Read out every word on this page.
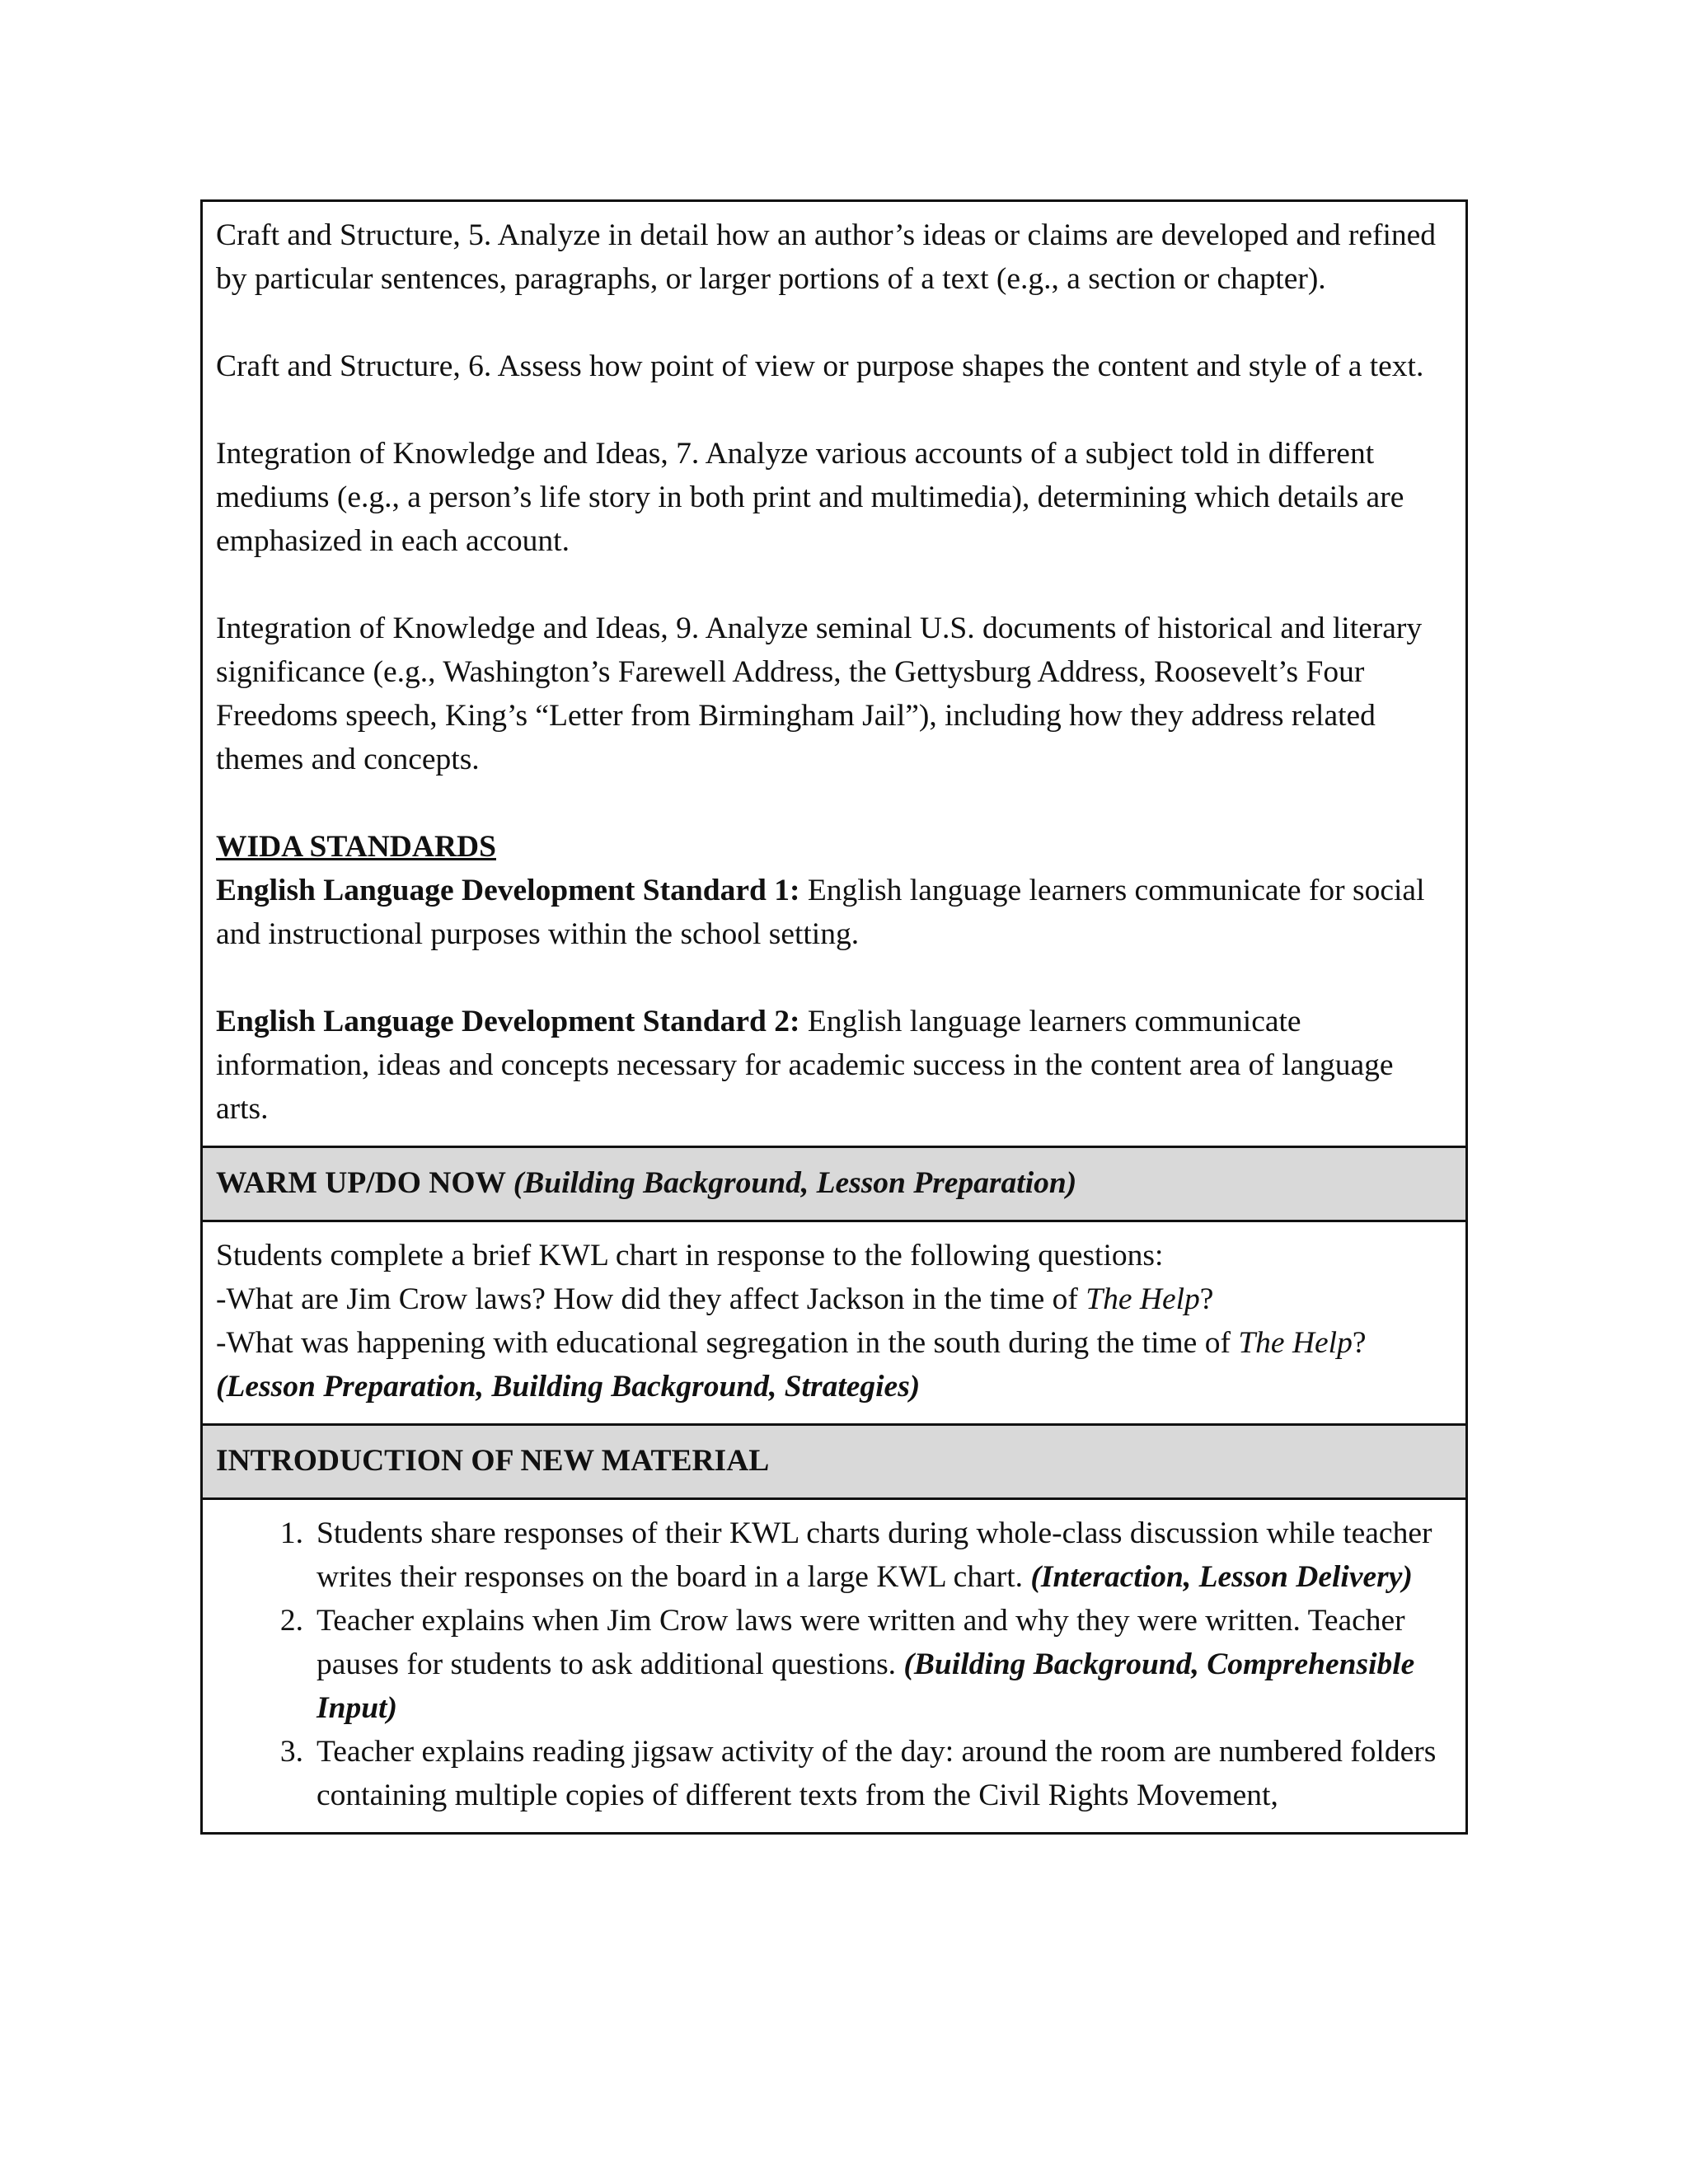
Craft and Structure, 5. Analyze in detail how an author’s ideas or claims are developed and refined by particular sentences, paragraphs, or larger portions of a text (e.g., a section or chapter).

Craft and Structure, 6. Assess how point of view or purpose shapes the content and style of a text.

Integration of Knowledge and Ideas, 7. Analyze various accounts of a subject told in different mediums (e.g., a person’s life story in both print and multimedia), determining which details are emphasized in each account.

Integration of Knowledge and Ideas, 9. Analyze seminal U.S. documents of historical and literary significance (e.g., Washington’s Farewell Address, the Gettysburg Address, Roosevelt’s Four Freedoms speech, King’s “Letter from Birmingham Jail”), including how they address related themes and concepts.

WIDA STANDARDS

English Language Development Standard 1: English language learners communicate for social and instructional purposes within the school setting.

English Language Development Standard 2: English language learners communicate information, ideas and concepts necessary for academic success in the content area of language arts.

WARM UP/DO NOW (Building Background, Lesson Preparation)

Students complete a brief KWL chart in response to the following questions:

-What are Jim Crow laws? How did they affect Jackson in the time of The Help?

-What was happening with educational segregation in the south during the time of The Help?

(Lesson Preparation, Building Background, Strategies)

INTRODUCTION OF NEW MATERIAL
1. Students share responses of their KWL charts during whole-class discussion while teacher writes their responses on the board in a large KWL chart. (Interaction, Lesson Delivery)
2. Teacher explains when Jim Crow laws were written and why they were written. Teacher pauses for students to ask additional questions. (Building Background, Comprehensible Input)
3. Teacher explains reading jigsaw activity of the day: around the room are numbered folders containing multiple copies of different texts from the Civil Rights Movement,
